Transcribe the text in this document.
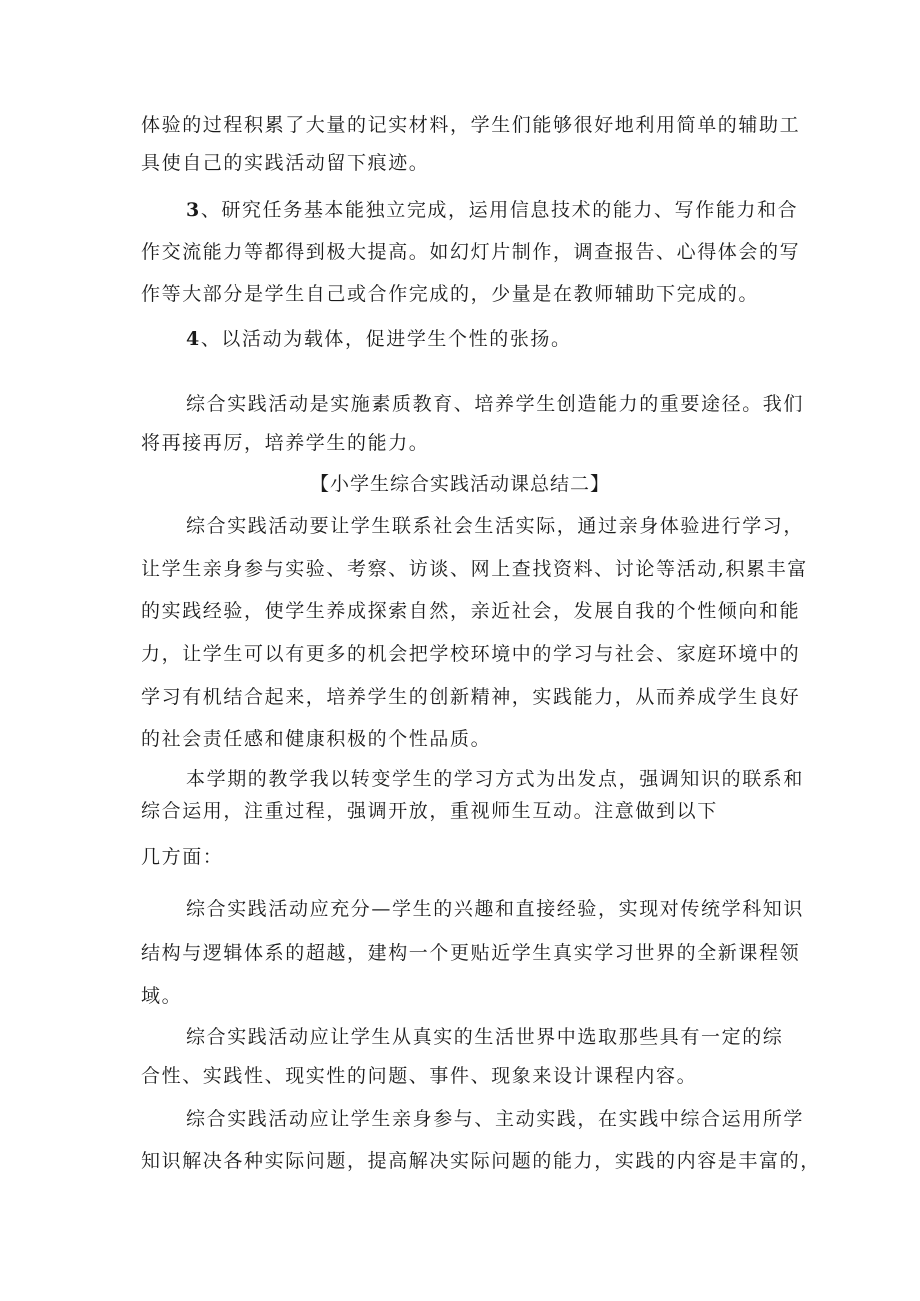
体验的过程积累了大量的记实材料，学生们能够很好地利用简单的辅助工
具使自己的实践活动留下痕迹。
3、研究任务基本能独立完成，运用信息技术的能力、写作能力和合
作交流能力等都得到极大提高。如幻灯片制作，调查报告、心得体会的写
作等大部分是学生自己或合作完成的，少量是在教师辅助下完成的。
4、以活动为载体，促进学生个性的张扬。
综合实践活动是实施素质教育、培养学生创造能力的重要途径。我们
将再接再厉，培养学生的能力。
【小学生综合实践活动课总结二】
综合实践活动要让学生联系社会生活实际，通过亲身体验进行学习，
让学生亲身参与实验、考察、访谈、网上查找资料、讨论等活动,积累丰富
的实践经验，使学生养成探索自然，亲近社会，发展自我的个性倾向和能
力，让学生可以有更多的机会把学校环境中的学习与社会、家庭环境中的
学习有机结合起来，培养学生的创新精神，实践能力，从而养成学生良好
的社会责任感和健康积极的个性品质。
本学期的教学我以转变学生的学习方式为出发点，强调知识的联系和
综合运用，注重过程，强调开放，重视师生互动。注意做到以下
几方面：
综合实践活动应充分—学生的兴趣和直接经验，实现对传统学科知识
结构与逻辑体系的超越，建构一个更贴近学生真实学习世界的全新课程领
域。
综合实践活动应让学生从真实的生活世界中选取那些具有一定的综
合性、实践性、现实性的问题、事件、现象来设计课程内容。
综合实践活动应让学生亲身参与、主动实践，在实践中综合运用所学
知识解决各种实际问题，提高解决实际问题的能力，实践的内容是丰富的，
